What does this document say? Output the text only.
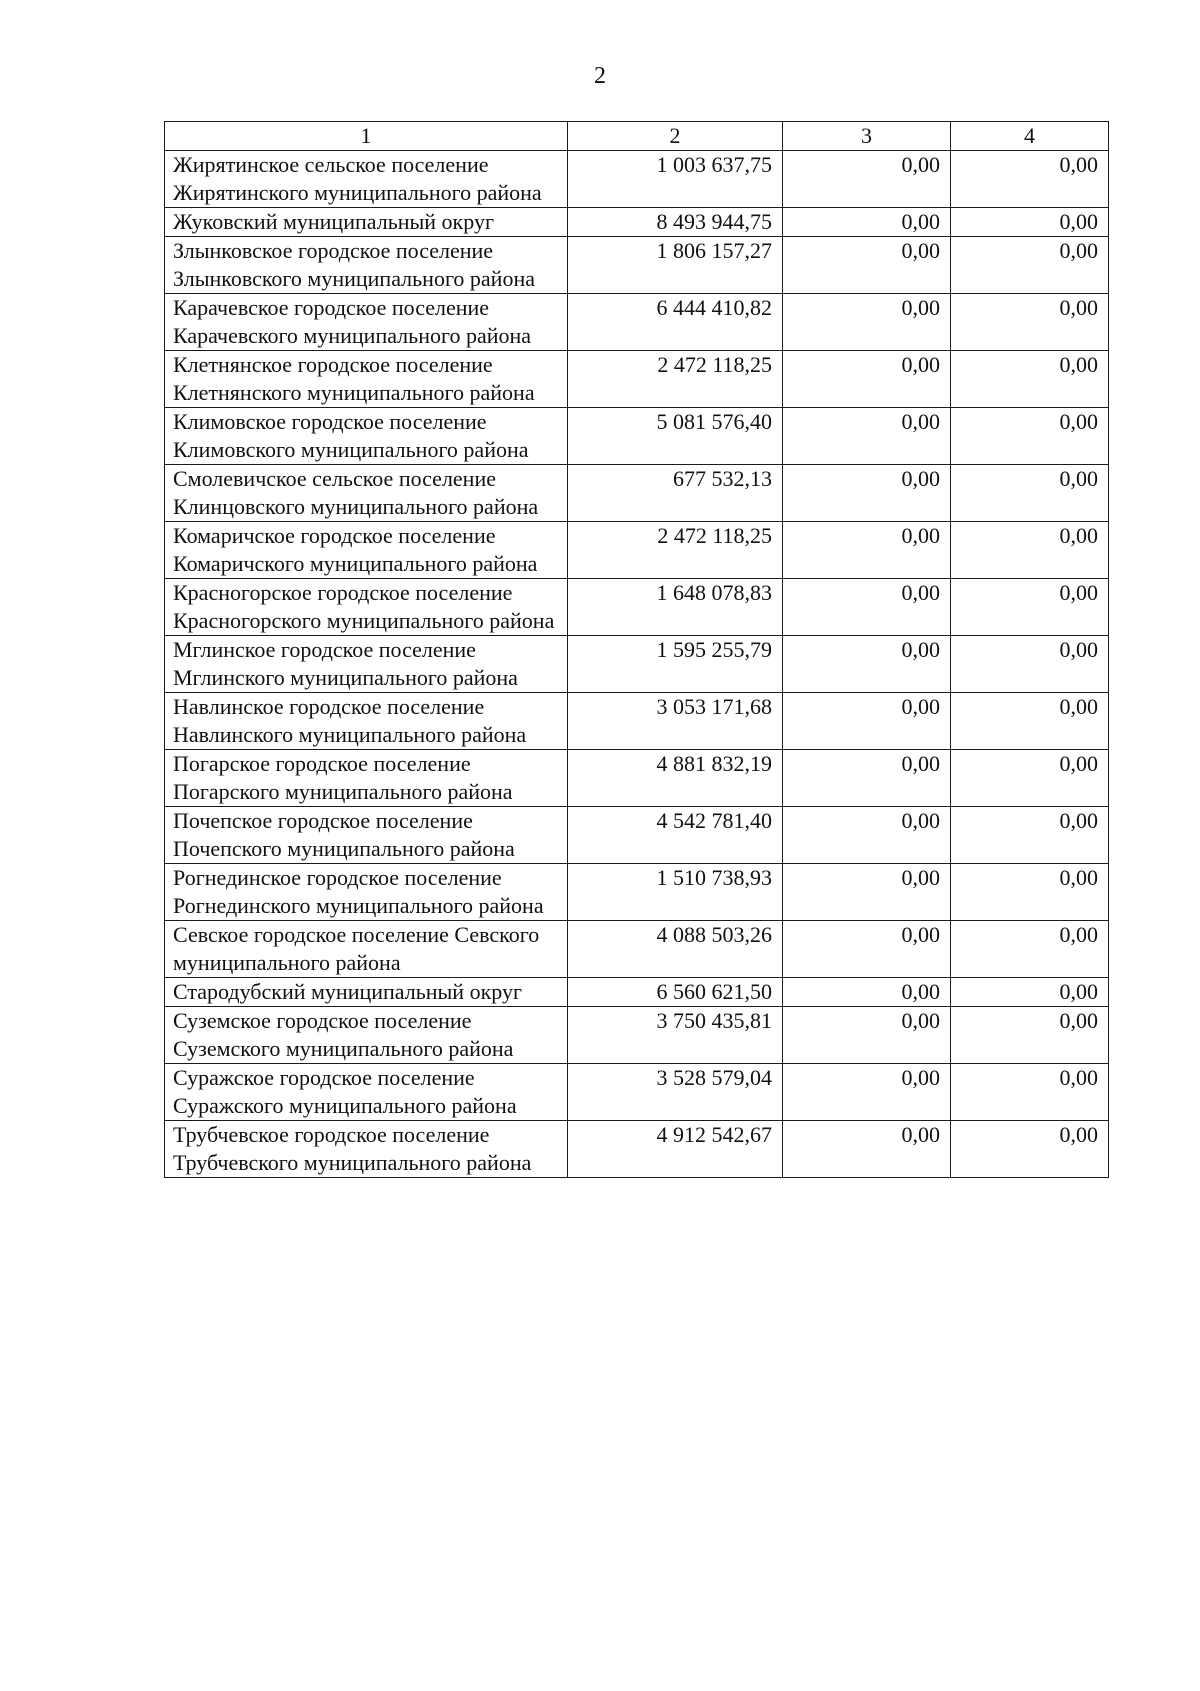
2
1	2	3	4
Жирятинское сельское поселение Жирятинского муниципального района	1 003 637,75	0,00	0,00
Жуковский муниципальный округ	8 493 944,75	0,00	0,00
Злынковское городское поселение Злынковского муниципального района	1 806 157,27	0,00	0,00
Карачевское городское поселение Карачевского муниципального района	6 444 410,82	0,00	0,00
Клетнянское городское поселение Клетнянского муниципального района	2 472 118,25	0,00	0,00
Климовское городское поселение Климовского муниципального района	5 081 576,40	0,00	0,00
Смолевичское сельское поселение Клинцовского муниципального района	677 532,13	0,00	0,00
Комаричское городское поселение Комаричского муниципального района	2 472 118,25	0,00	0,00
Красногорское городское поселение Красногорского муниципального района	1 648 078,83	0,00	0,00
Мглинское городское поселение Мглинского муниципального района	1 595 255,79	0,00	0,00
Навлинское городское поселение Навлинского муниципального района	3 053 171,68	0,00	0,00
Погарское городское поселение Погарского муниципального района	4 881 832,19	0,00	0,00
Почепское городское поселение Почепского муниципального района	4 542 781,40	0,00	0,00
Рогнединское городское поселение Рогнединского муниципального района	1 510 738,93	0,00	0,00
Севское городское поселение Севского муниципального района	4 088 503,26	0,00	0,00
Стародубский муниципальный округ	6 560 621,50	0,00	0,00
Суземское городское поселение Суземского муниципального района	3 750 435,81	0,00	0,00
Суражское городское поселение Суражского муниципального района	3 528 579,04	0,00	0,00
Трубчевское городское поселение Трубчевского муниципального района	4 912 542,67	0,00	0,00
